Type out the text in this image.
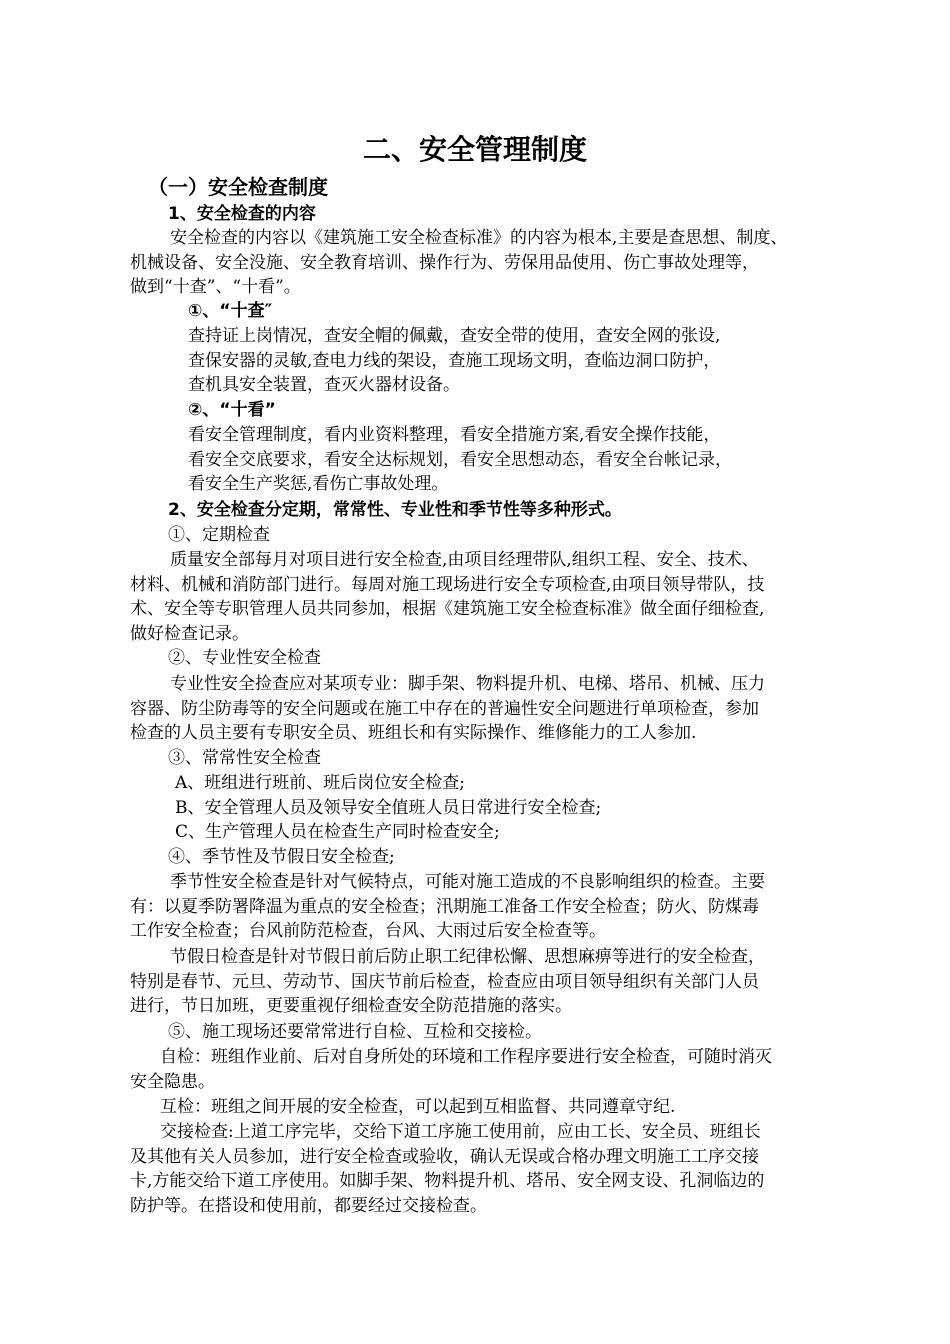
二、安全管理制度
（一）安全检查制度
1、安全检查的内容
安全检查的内容以《建筑施工安全检查标准》的内容为根本,主要是查思想、制度、
机械设备、安全没施、安全教育培训、操作行为、劳保用品使用、伤亡事故处理等，
做到“十查”、“十看”。
①、“十查″
查持证上岗情况，查安全帽的佩戴，查安全带的使用，查安全网的张设,
查保安器的灵敏,查电力线的架设，查施工现场文明，查临边洞口防护，
查机具安全装置，查灭火器材设备。
②、“十看”
看安全管理制度，看内业资料整理，看安全措施方案,看安全操作技能，
看安全交底要求，看安全达标规划，看安全思想动态，看安全台帐记录，
看安全生产奖惩,看伤亡事故处理。
2、安全检查分定期，常常性、专业性和季节性等多种形式。
①、定期检查
质量安全部每月对项目进行安全检查,由项目经理带队,组织工程、安全、技术、
材料、机械和消防部门进行。每周对施工现场进行安全专项检查,由项目领导带队，技
术、安全等专职管理人员共同参加，根据《建筑施工安全检查标准》做全面仔细检查,
做好检查记录。
②、专业性安全检查
专业性安全捡查应对某项专业：脚手架、物料提升机、电梯、塔吊、机械、压力
容器、防尘防毒等的安全问题或在施工中存在的普遍性安全问题进行单项检查，参加
检查的人员主要有专职安全员、班组长和有实际操作、维修能力的工人参加.
③、常常性安全检查
A、班组进行班前、班后岗位安全检查;
B、安全管理人员及领导安全值班人员日常进行安全检查;
C、生产管理人员在检查生产同时检查安全;
④、季节性及节假日安全检查;
季节性安全检查是针对气候特点，可能对施工造成的不良影响组织的检查。主要
有：以夏季防署降温为重点的安全检查；汛期施工准备工作安全检查；防火、防煤毒
工作安全检查；台风前防范检查，台风、大雨过后安全检查等。
节假日检查是针对节假日前后防止职工纪律松懈、思想麻痹等进行的安全检查，
特别是春节、元旦、劳动节、国庆节前后检查，检查应由项目领导组织有关部门人员
进行，节日加班，更要重视仔细检查安全防范措施的落实。
⑤、施工现场还要常常进行自检、互检和交接检。
自检：班组作业前、后对自身所处的环境和工作程序要进行安全检查，可随时消灭
安全隐患。
互检：班组之间开展的安全检查，可以起到互相监督、共同遵章守纪.
交接检查:上道工序完毕，交给下道工序施工使用前，应由工长、安全员、班组长
及其他有关人员参加，进行安全检查或验收，确认无误或合格办理文明施工工序交接
卡,方能交给下道工序使用。如脚手架、物料提升机、塔吊、安全网支设、孔洞临边的
防护等。在搭设和使用前，都要经过交接检查。
